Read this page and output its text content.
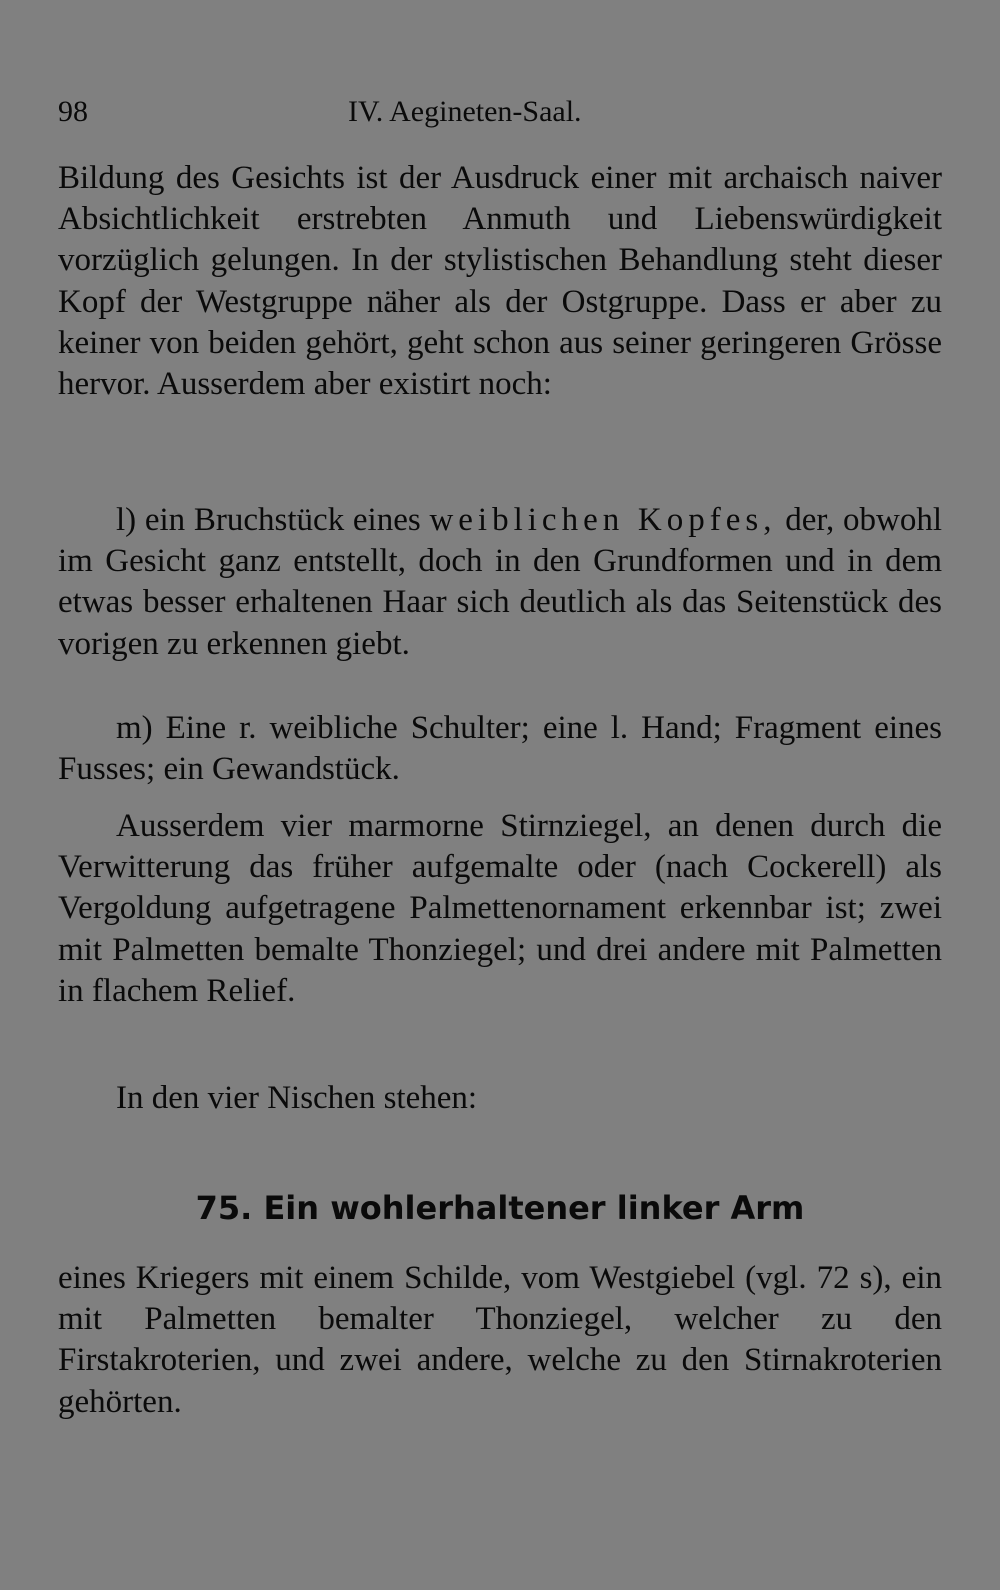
98	IV. Aegineten-Saal.

Bildung des Gesichts ist der Ausdruck einer mit archaisch naiver Absichtlichkeit erstrebten Anmuth und Liebenswürdigkeit vorzüglich gelungen. In der stylistischen Behandlung steht dieser Kopf der Westgruppe näher als der Ostgruppe. Dass er aber zu keiner von beiden gehört, geht schon aus seiner geringeren Grösse hervor. Ausserdem aber existirt noch:

l) ein Bruchstück eines weiblichen Kopfes, der, obwohl im Gesicht ganz entstellt, doch in den Grundformen und in dem etwas besser erhaltenen Haar sich deutlich als das Seitenstück des vorigen zu erkennen giebt.

m) Eine r. weibliche Schulter; eine l. Hand; Fragment eines Fusses; ein Gewandstück.

Ausserdem vier marmorne Stirnziegel, an denen durch die Verwitterung das früher aufgemalte oder (nach Cockerell) als Vergoldung aufgetragene Palmettenornament erkennbar ist; zwei mit Palmetten bemalte Thonziegel; und drei andere mit Palmetten in flachem Relief.

In den vier Nischen stehen:

75. Ein wohlerhaltener linker Arm

eines Kriegers mit einem Schilde, vom Westgiebel (vgl. 72 s), ein mit Palmetten bemalter Thonziegel, welcher zu den Firstakroterien, und zwei andere, welche zu den Stirnakroterien gehörten.
